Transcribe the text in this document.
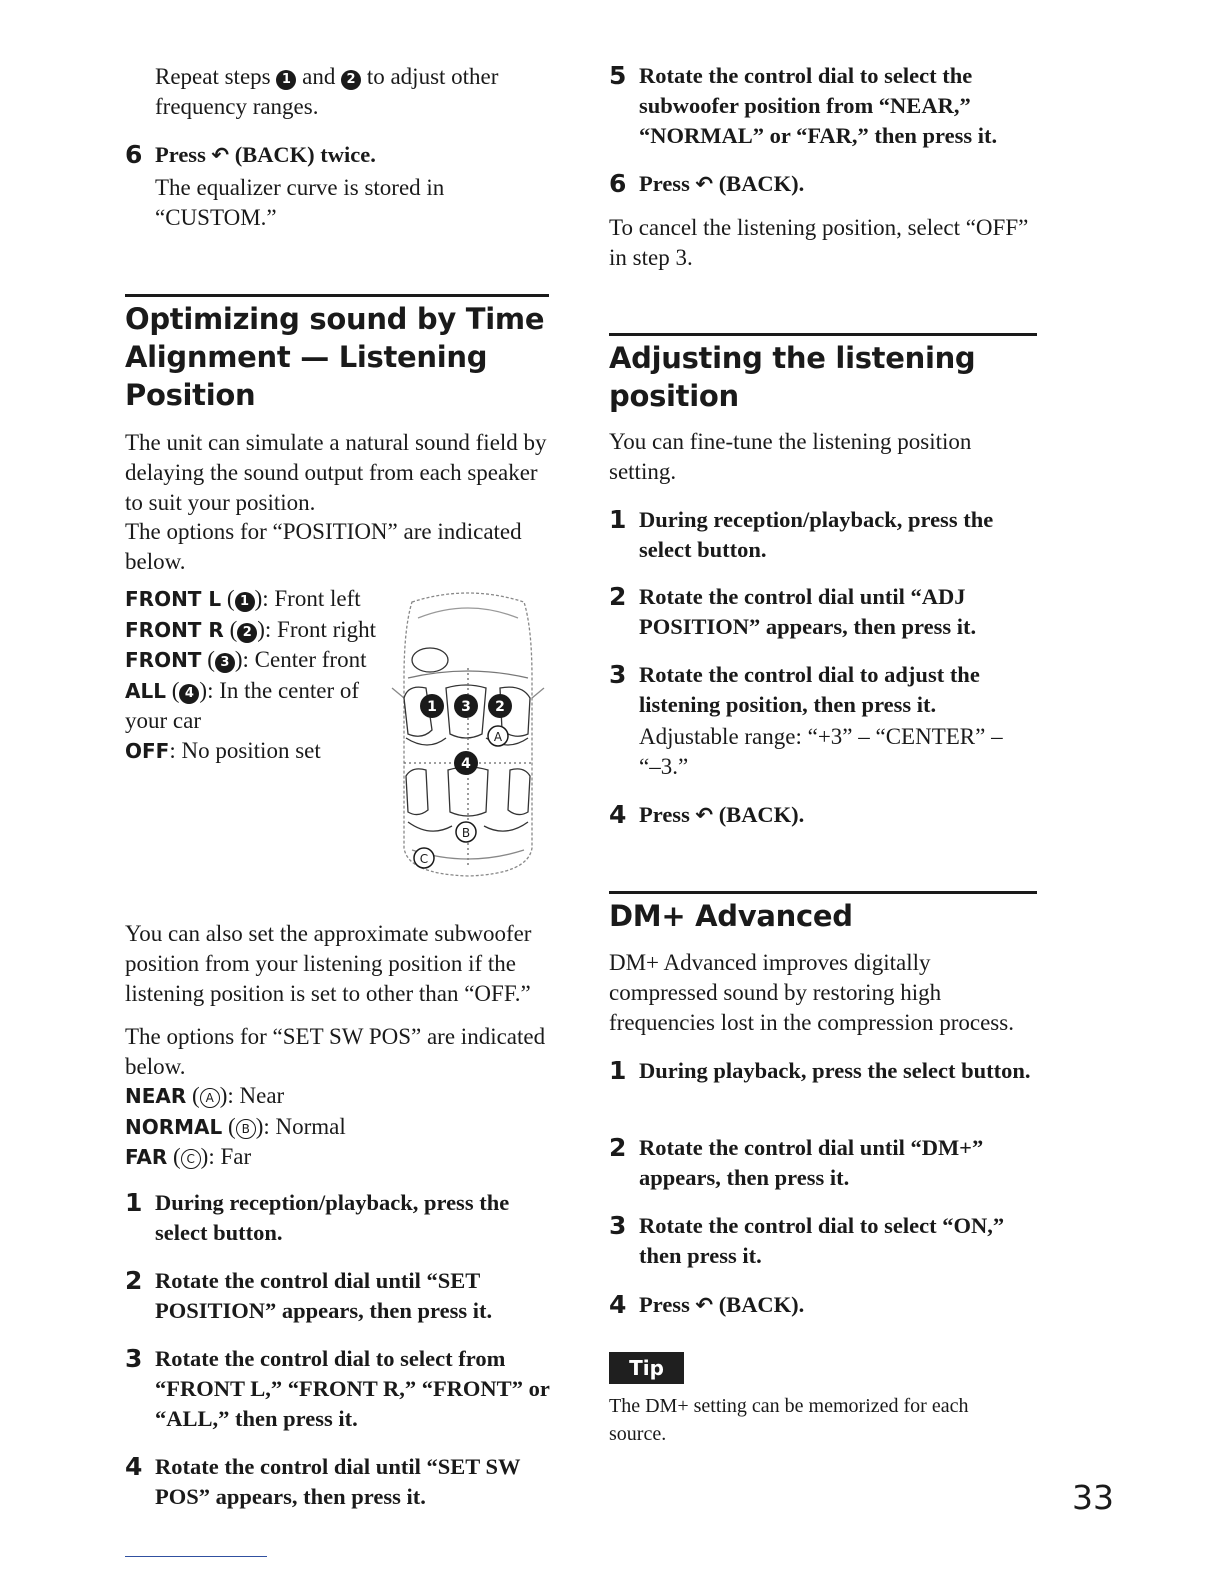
Repeat steps 1 and 2 to adjust other frequency ranges.

6 Press ↶ (BACK) twice.
The equalizer curve is stored in “CUSTOM.”
Optimizing sound by Time
Alignment — Listening
Position

The unit can simulate a natural sound field by delaying the sound output from each speaker to suit your position.

The options for “POSITION” are indicated below.

FRONT L ( 1 ): Front left
FRONT R ( 2 ): Front right
FRONT ( 3 ): Center front
ALL ( 4 ): In the center of
your car
OFF: No position set
1 3 2
A
4
B
C

You can also set the approximate subwoofer position from your listening position if the listening position is set to other than “OFF.”

The options for “SET SW POS” are indicated below.

NEAR ( A ): Near
NORMAL ( B ): Normal
FAR ( C ): Far
1 During reception/playback, press the select button.
2 Rotate the control dial until “SET POSITION” appears, then press it.
3 Rotate the control dial to select from “FRONT L,” “FRONT R,” “FRONT” or “ALL,” then press it.
4 Rotate the control dial until “SET SW POS” appears, then press it.
5 Rotate the control dial to select the subwoofer position from “NEAR,” “NORMAL” or “FAR,” then press it.
6 Press ↶ (BACK).

To cancel the listening position, select “OFF” in step 3.

Adjusting the listening
position

You can fine-tune the listening position setting.

1 During reception/playback, press the select button.
2 Rotate the control dial until “ADJ POSITION” appears, then press it.
3 Rotate the control dial to adjust the listening position, then press it.
Adjustable range: “+3” – “CENTER” – “–3.”
4 Press ↶ (BACK).
DM+ Advanced

DM+ Advanced improves digitally compressed sound by restoring high frequencies lost in the compression process.

1 During playback, press the select button.
2 Rotate the control dial until “DM+” appears, then press it.
3 Rotate the control dial to select “ON,” then press it.
4 Press ↶ (BACK).
Tip

The DM+ setting can be memorized for each source.

33
